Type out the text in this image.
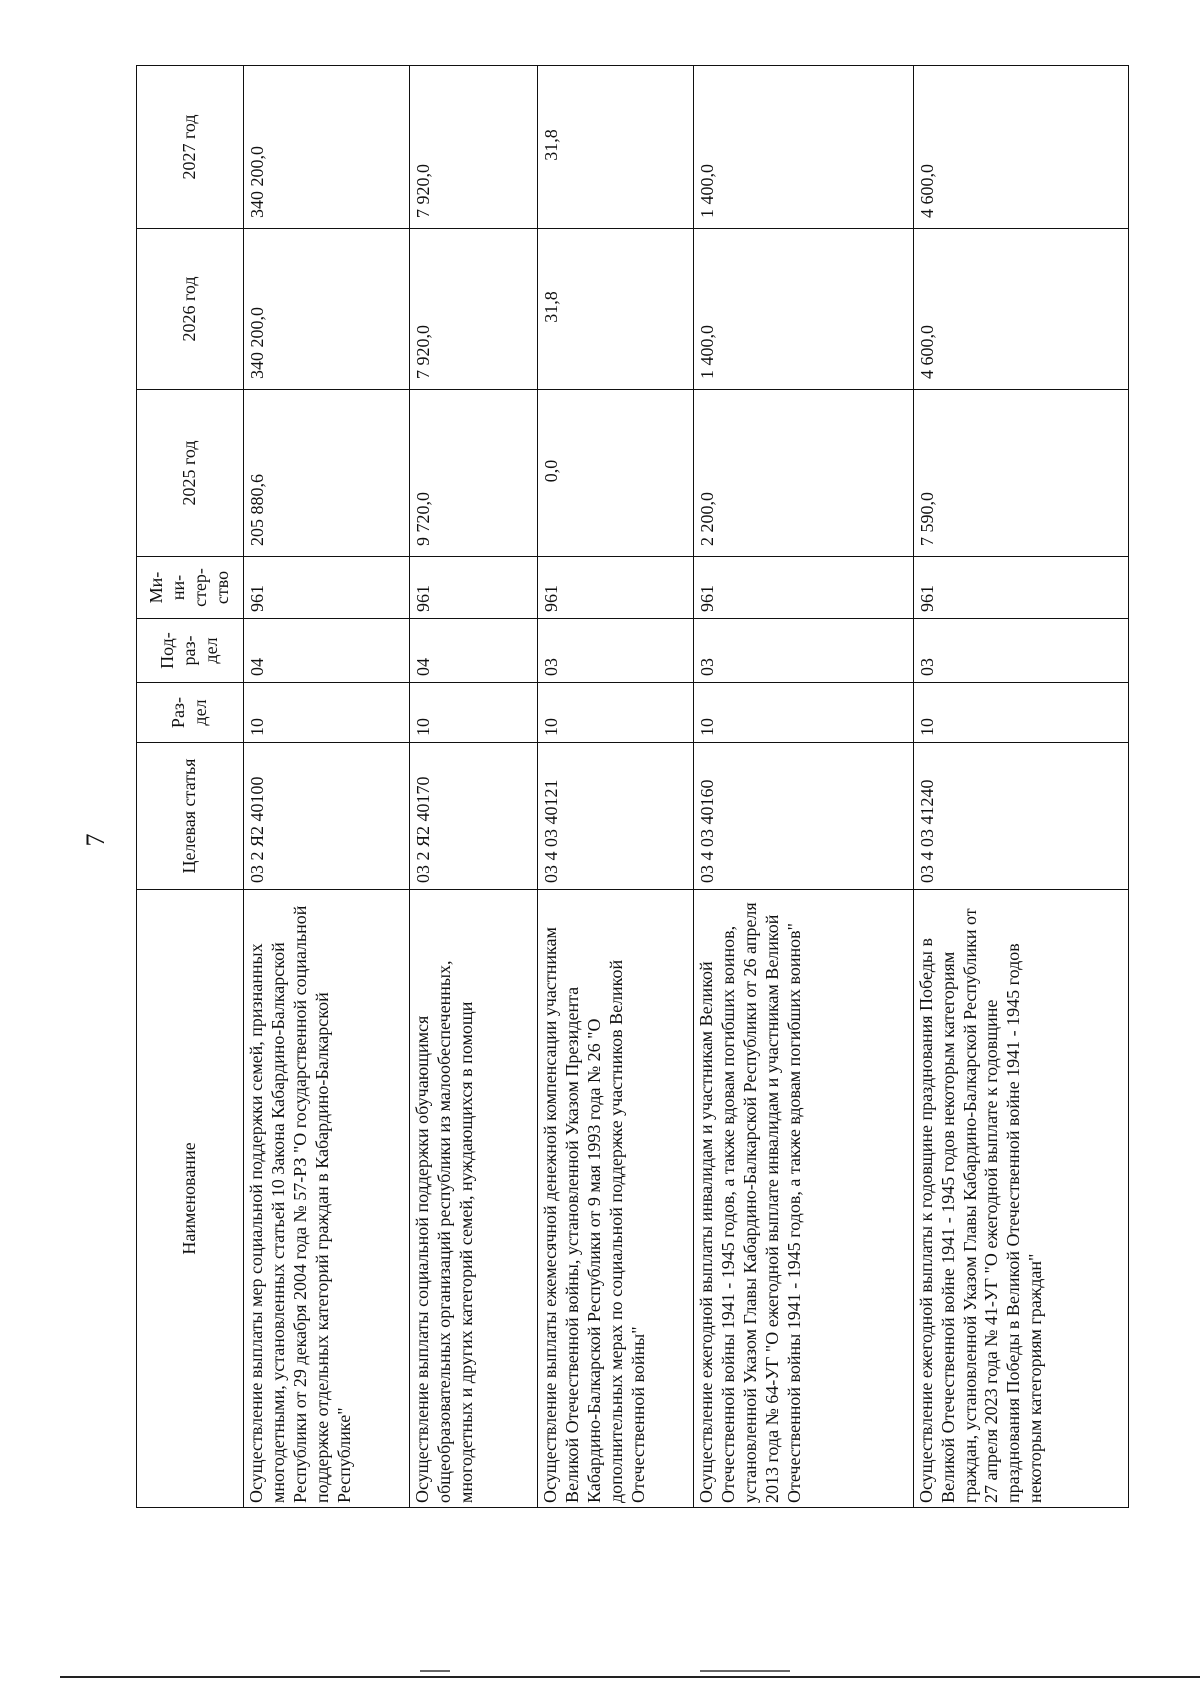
7
Наименование	Целевая статья	Раз- дел	Под- раз- дел	Ми- ни- стер- ство	2025 год	2026 год	2027 год
Осуществление выплаты мер социальной поддержки семей, признанных многодетными, установленных статьей 10 Закона Кабардино-Балкарской Республики от 29 декабря 2004 года № 57-РЗ "О государственной социальной поддержке отдельных категорий граждан в Кабардино-Балкарской Республике"	03 2 Я2 40100	10	04	961	205 880,6	340 200,0	340 200,0
Осуществление выплаты социальной поддержки обучающимся общеобразовательных организаций республики из малообеспеченных, многодетных и других категорий семей, нуждающихся в помощи	03 2 Я2 40170	10	04	961	9 720,0	7 920,0	7 920,0
Осуществление выплаты ежемесячной денежной компенсации участникам Великой Отечественной войны, установленной Указом Президента Кабардино-Балкарской Республики от 9 мая 1993 года № 26 "О дополнительных мерах по социальной поддержке участников Великой Отечественной войны"	03 4 03 40121	10	03	961	0,0	31,8	31,8
Осуществление ежегодной выплаты инвалидам и участникам Великой Отечественной войны 1941 - 1945 годов, а также вдовам погибших воинов, установленной Указом Главы Кабардино-Балкарской Республики от 26 апреля 2013 года № 64-УГ "О ежегодной выплате инвалидам и участникам Великой Отечественной войны 1941 - 1945 годов, а также вдовам погибших воинов"	03 4 03 40160	10	03	961	2 200,0	1 400,0	1 400,0
Осуществление ежегодной выплаты к годовщине празднования Победы в Великой Отечественной войне 1941 - 1945 годов некоторым категориям граждан, установленной Указом Главы Кабардино-Балкарской Республики от 27 апреля 2023 года № 41-УГ "О ежегодной выплате к годовщине празднования Победы в Великой Отечественной войне 1941 - 1945 годов некоторым категориям граждан"	03 4 03 41240	10	03	961	7 590,0	4 600,0	4 600,0
